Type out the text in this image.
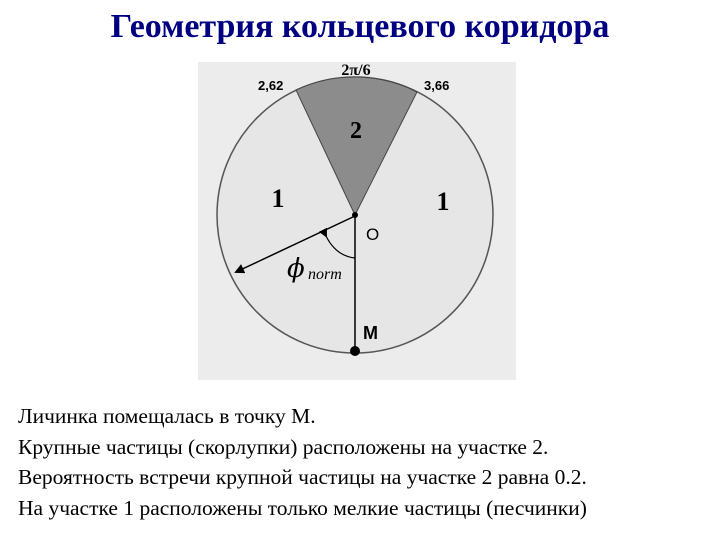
Геометрия кольцевого коридора
2π/6
2,62	3,66
2
1	1
O
ϕ norm
M
Личинка помещалась в точку М.
Крупные частицы (скорлупки) расположены на участке 2.
Вероятность встречи крупной частицы на участке 2 равна 0.2.
На участке 1 расположены только мелкие частицы (песчинки)
